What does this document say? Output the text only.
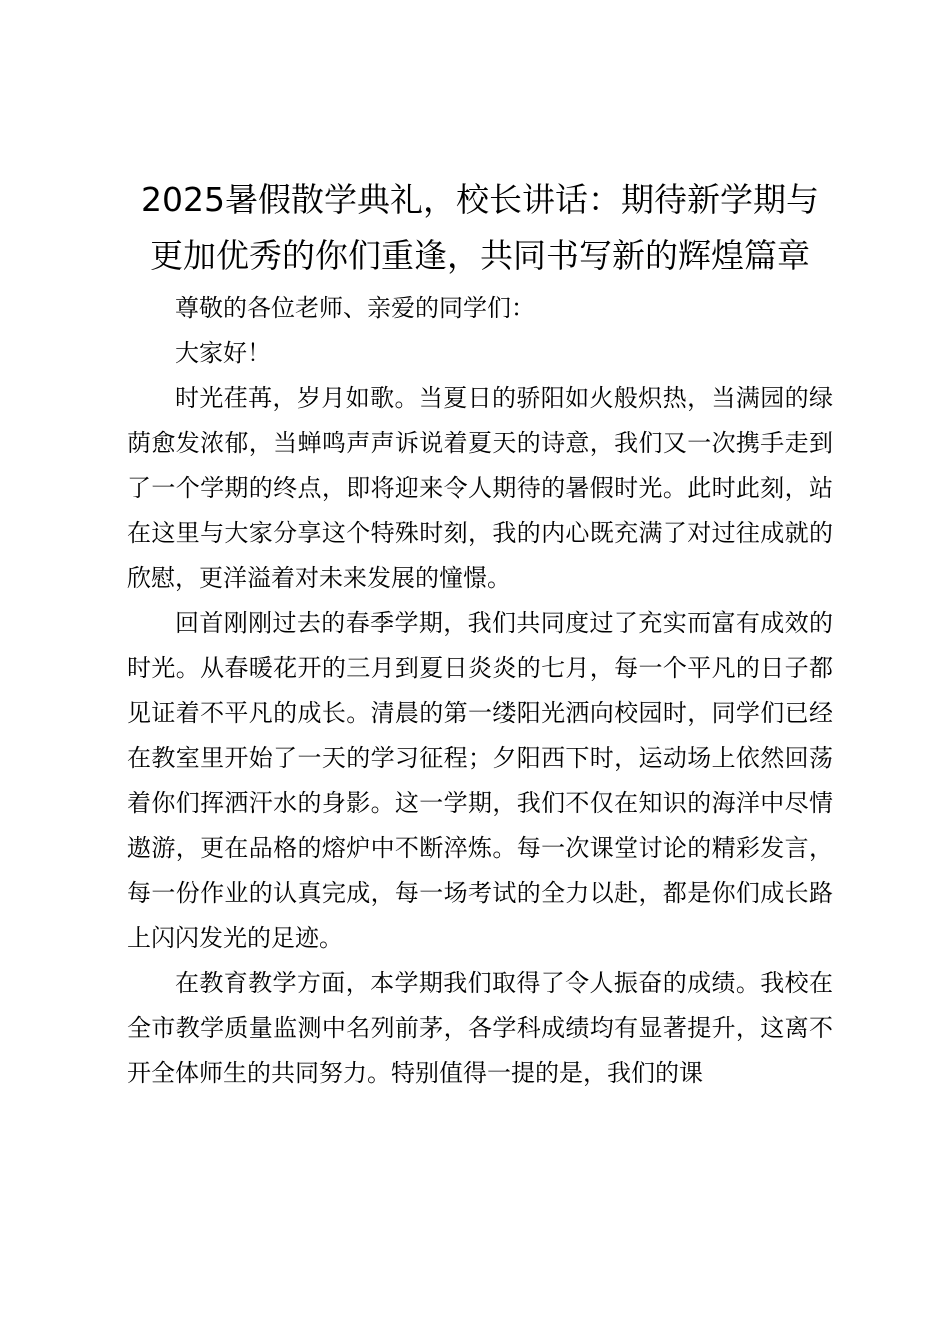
2025暑假散学典礼，校长讲话：期待新学期与更加优秀的你们重逢，共同书写新的辉煌篇章

尊敬的各位老师、亲爱的同学们：

大家好！

时光荏苒，岁月如歌。当夏日的骄阳如火般炽热，当满园的绿荫愈发浓郁，当蝉鸣声声诉说着夏天的诗意，我们又一次携手走到了一个学期的终点，即将迎来令人期待的暑假时光。此时此刻，站在这里与大家分享这个特殊时刻，我的内心既充满了对过往成就的欣慰，更洋溢着对未来发展的憧憬。

回首刚刚过去的春季学期，我们共同度过了充实而富有成效的时光。从春暖花开的三月到夏日炎炎的七月，每一个平凡的日子都见证着不平凡的成长。清晨的第一缕阳光洒向校园时，同学们已经在教室里开始了一天的学习征程；夕阳西下时，运动场上依然回荡着你们挥洒汗水的身影。这一学期，我们不仅在知识的海洋中尽情遨游，更在品格的熔炉中不断淬炼。每一次课堂讨论的精彩发言，每一份作业的认真完成，每一场考试的全力以赴，都是你们成长路上闪闪发光的足迹。

在教育教学方面，本学期我们取得了令人振奋的成绩。我校在全市教学质量监测中名列前茅，各学科成绩均有显著提升，这离不开全体师生的共同努力。特别值得一提的是，我们的课
